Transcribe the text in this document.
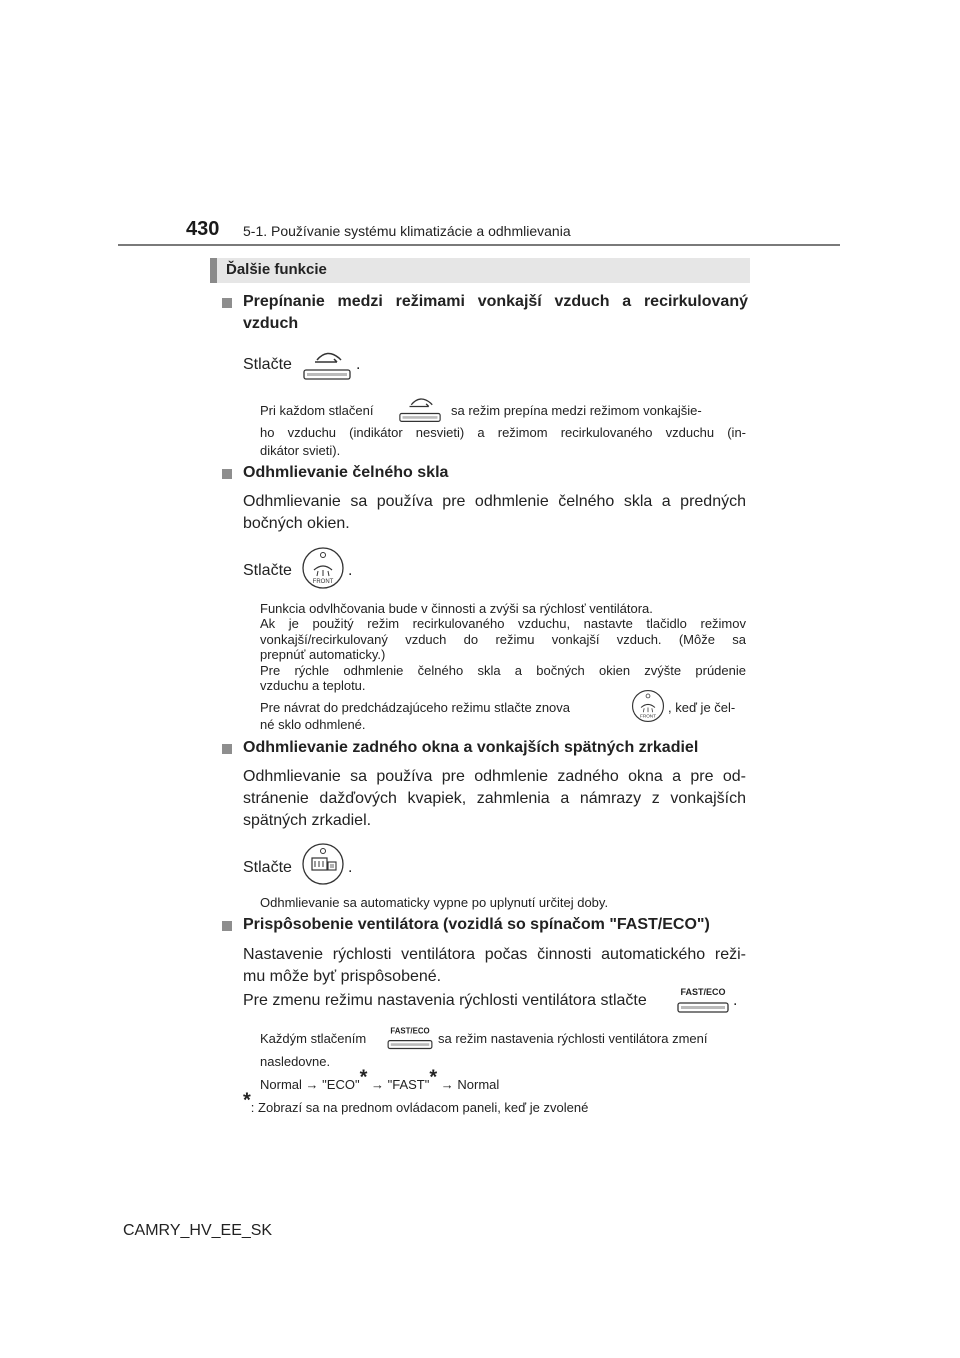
430 5-1. Používanie systému klimatizácie a odhmlievania
Ďalšie funkcie
Prepínanie medzi režimami vonkajší vzduch a recirkulovaný
vzduch
Stlačte	.
Pri každom stlačení	sa režim prepína medzi režimom vonkajšie-
ho vzduchu (indikátor nesvieti) a režimom recirkulovaného vzduchu (in-
dikátor svieti).
Odhmlievanie čelného skla
Odhmlievanie sa používa pre odhmlenie čelného skla a predných
bočných okien.
Stlačte
FRONT
.
Funkcia odvlhčovania bude v činnosti a zvýši sa rýchlosť ventilátora.
Ak je použitý režim recirkulovaného vzduchu, nastavte tlačidlo režimov
vonkajší/recirkulovaný vzduch do režimu vonkajší vzduch. (Môže sa
prepnúť automaticky.)
Pre rýchle odhmlenie čelného skla a bočných okien zvýšte prúdenie
vzduchu a teplotu.
Pre návrat do predchádzajúceho režimu stlačte znova
FRONT
, keď je čel-
né sklo odhmlené.
Odhmlievanie zadného okna a vonkajších spätných zrkadiel
Odhmlievanie sa používa pre odhmlenie zadného okna a pre od-
stránenie dažďových kvapiek, zahmlenia a námrazy z vonkajších
spätných zrkadiel.
Stlačte	.
Odhmlievanie sa automaticky vypne po uplynutí určitej doby.
Prispôsobenie ventilátora (vozidlá so spínačom "FAST/ECO")
Nastavenie rýchlosti ventilátora počas činnosti automatického reži-
mu môže byť prispôsobené.
Pre zmenu režimu nastavenia rýchlosti ventilátora stlačte	FAST/ECO .
Každým stlačením	FAST/ECO sa režim nastavenia rýchlosti ventilátora zmení
nasledovne.
Normal → "ECO"* → "FAST"* → Normal
*: Zobrazí sa na prednom ovládacom paneli, keď je zvolené
CAMRY_HV_EE_SK
